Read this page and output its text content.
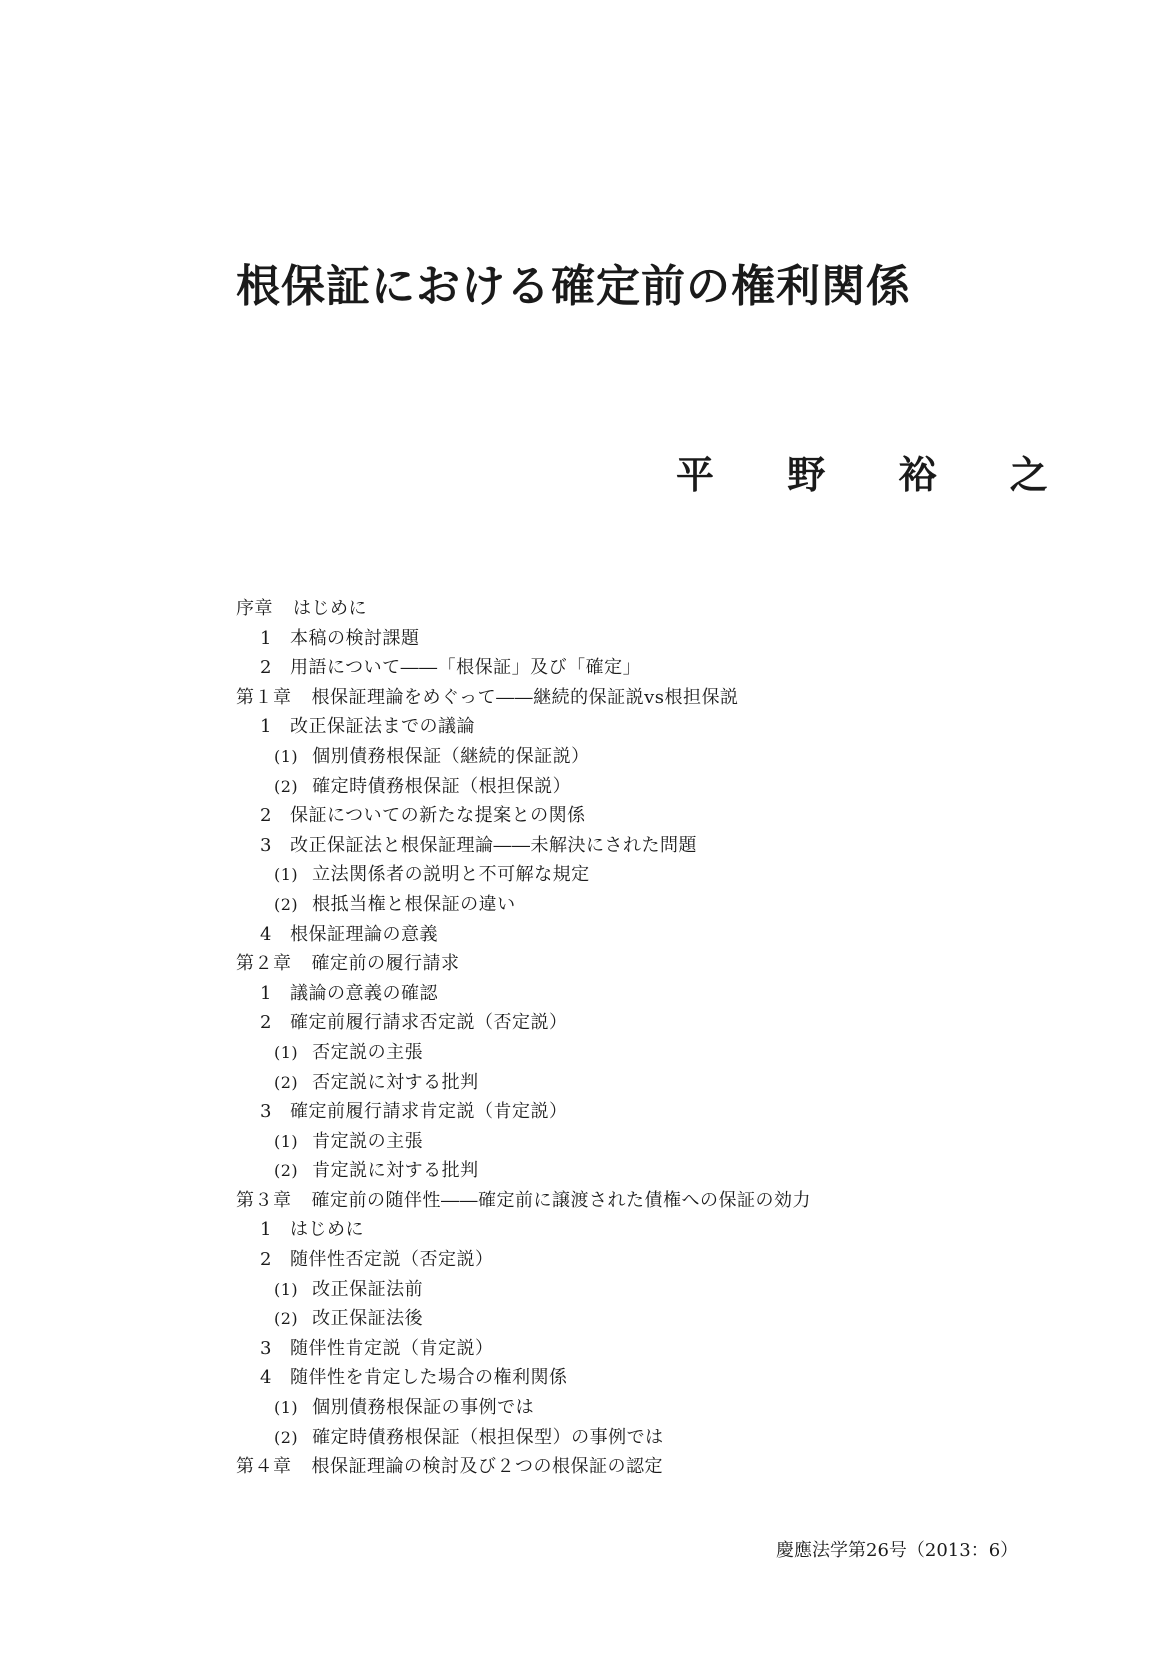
根保証における確定前の権利関係
平 野 裕 之
序章 はじめに
1 本稿の検討課題
2 用語について――「根保証」及び「確定」
第１章 根保証理論をめぐって――継続的保証説vs根担保説
1 改正保証法までの議論
(1) 個別債務根保証（継続的保証説）
(2) 確定時債務根保証（根担保説）
2 保証についての新たな提案との関係
3 改正保証法と根保証理論――未解決にされた問題
(1) 立法関係者の説明と不可解な規定
(2) 根抵当権と根保証の違い
4 根保証理論の意義
第２章 確定前の履行請求
1 議論の意義の確認
2 確定前履行請求否定説（否定説）
(1) 否定説の主張
(2) 否定説に対する批判
3 確定前履行請求肯定説（肯定説）
(1) 肯定説の主張
(2) 肯定説に対する批判
第３章 確定前の随伴性――確定前に譲渡された債権への保証の効力
1 はじめに
2 随伴性否定説（否定説）
(1) 改正保証法前
(2) 改正保証法後
3 随伴性肯定説（肯定説）
4 随伴性を肯定した場合の権利関係
(1) 個別債務根保証の事例では
(2) 確定時債務根保証（根担保型）の事例では
第４章 根保証理論の検討及び２つの根保証の認定
慶應法学第26号（2013：6）
